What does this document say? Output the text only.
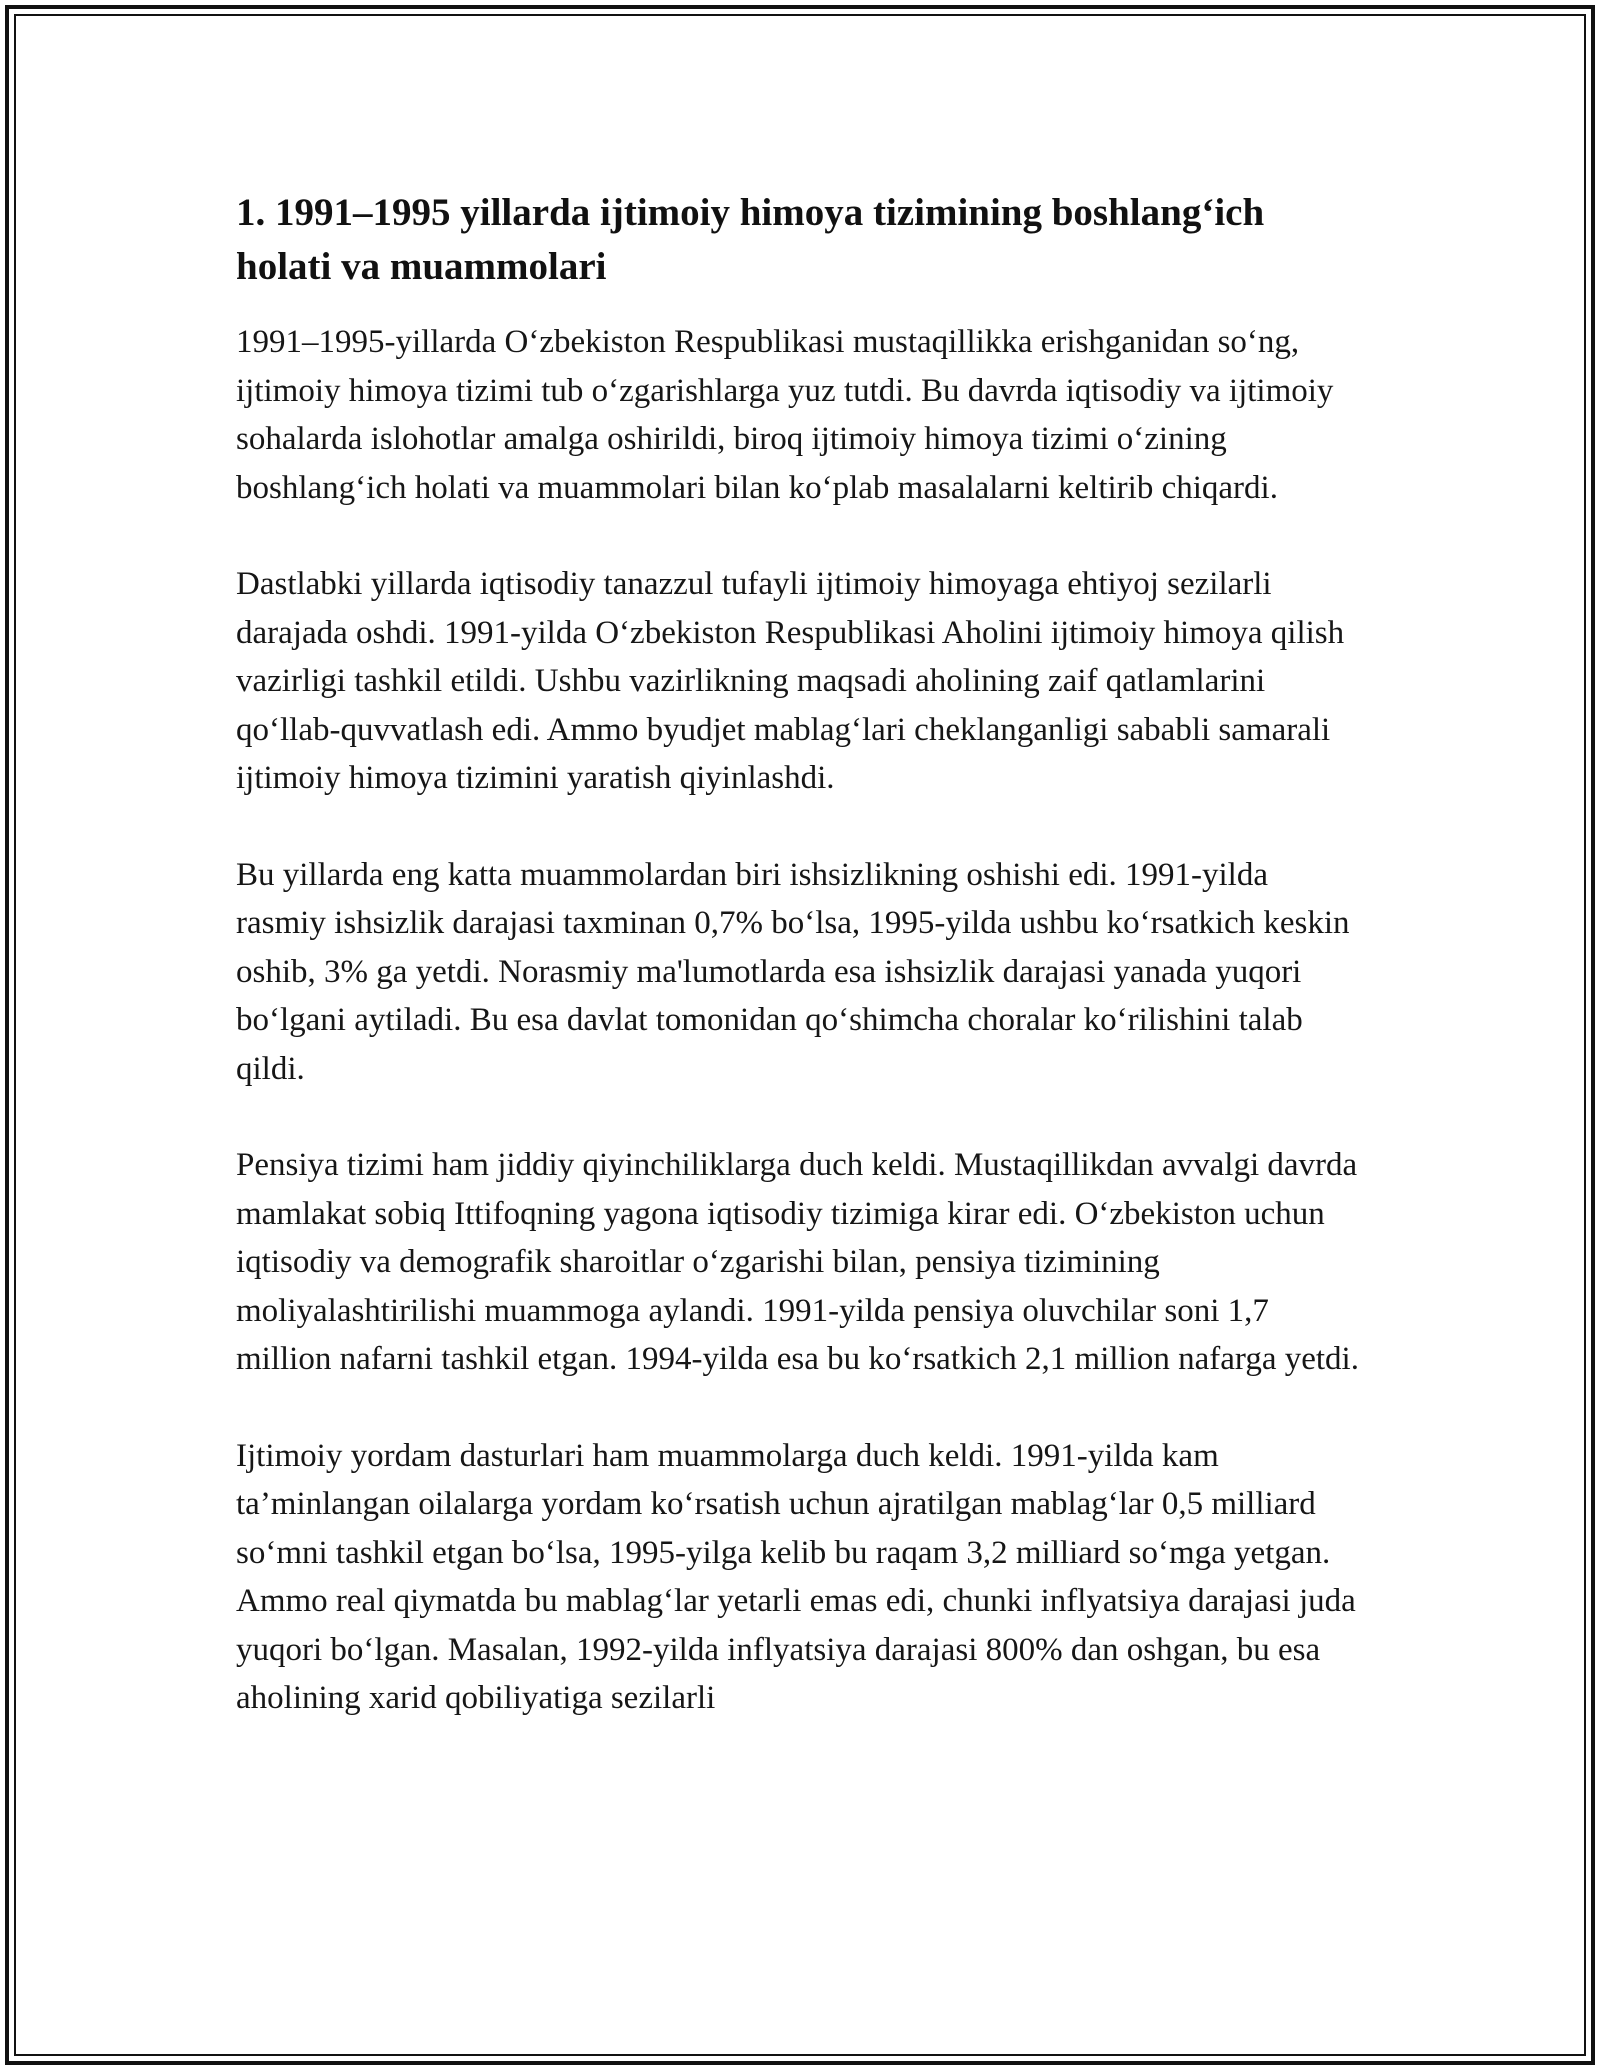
1. 1991–1995 yillarda ijtimoiy himoya tizimining boshlang‘ich holati va muammolari

1991–1995-yillarda O‘zbekiston Respublikasi mustaqillikka erishganidan so‘ng, ijtimoiy himoya tizimi tub o‘zgarishlarga yuz tutdi. Bu davrda iqtisodiy va ijtimoiy sohalarda islohotlar amalga oshirildi, biroq ijtimoiy himoya tizimi o‘zining boshlang‘ich holati va muammolari bilan ko‘plab masalalarni keltirib chiqardi.

Dastlabki yillarda iqtisodiy tanazzul tufayli ijtimoiy himoyaga ehtiyoj sezilarli darajada oshdi. 1991-yilda O‘zbekiston Respublikasi Aholini ijtimoiy himoya qilish vazirligi tashkil etildi. Ushbu vazirlikning maqsadi aholining zaif qatlamlarini qo‘llab-quvvatlash edi. Ammo byudjet mablag‘lari cheklanganligi sababli samarali ijtimoiy himoya tizimini yaratish qiyinlashdi.

Bu yillarda eng katta muammolardan biri ishsizlikning oshishi edi. 1991-yilda rasmiy ishsizlik darajasi taxminan 0,7% bo‘lsa, 1995-yilda ushbu ko‘rsatkich keskin oshib, 3% ga yetdi. Norasmiy ma'lumotlarda esa ishsizlik darajasi yanada yuqori bo‘lgani aytiladi. Bu esa davlat tomonidan qo‘shimcha choralar ko‘rilishini talab qildi.

Pensiya tizimi ham jiddiy qiyinchiliklarga duch keldi. Mustaqillikdan avvalgi davrda mamlakat sobiq Ittifoqning yagona iqtisodiy tizimiga kirar edi. O‘zbekiston uchun iqtisodiy va demografik sharoitlar o‘zgarishi bilan, pensiya tizimining moliyalashtirilishi muammoga aylandi. 1991-yilda pensiya oluvchilar soni 1,7 million nafarni tashkil etgan. 1994-yilda esa bu ko‘rsatkich 2,1 million nafarga yetdi.

Ijtimoiy yordam dasturlari ham muammolarga duch keldi. 1991-yilda kam ta’minlangan oilalarga yordam ko‘rsatish uchun ajratilgan mablag‘lar 0,5 milliard so‘mni tashkil etgan bo‘lsa, 1995-yilga kelib bu raqam 3,2 milliard so‘mga yetgan. Ammo real qiymatda bu mablag‘lar yetarli emas edi, chunki inflyatsiya darajasi juda yuqori bo‘lgan. Masalan, 1992-yilda inflyatsiya darajasi 800% dan oshgan, bu esa aholining xarid qobiliyatiga sezilarli
